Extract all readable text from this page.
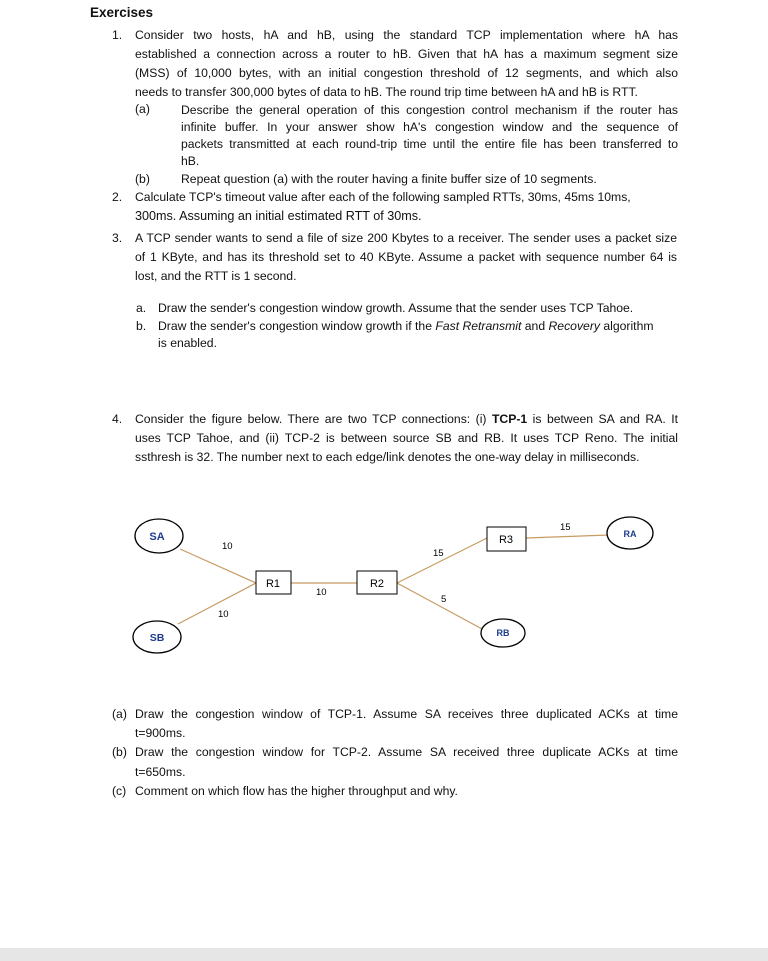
Exercises
1. Consider two hosts, hA and hB, using the standard TCP implementation where hA has
established a connection across a router to hB. Given that hA has a maximum segment size
(MSS) of 10,000 bytes, with an initial congestion threshold of 12 segments, and which also
needs to transfer 300,000 bytes of data to hB. The round trip time between hA and hB is RTT.
(a)	Describe the general operation of this congestion control mechanism if the router has
infinite buffer. In your answer show hA's congestion window and the sequence of
packets transmitted at each round-trip time until the entire file has been transferred to
hB.
(b)	Repeat question (a) with the router having a finite buffer size of 10 segments.
2. Calculate TCP's timeout value after each of the following sampled RTTs, 30ms, 45ms 10ms,
300ms. Assuming an initial estimated RTT of 30ms.
3. A TCP sender wants to send a file of size 200 Kbytes to a receiver. The sender uses a packet size
of 1 KByte, and has its threshold set to 40 KByte. Assume a packet with sequence number 64 is
lost, and the RTT is 1 second.
a. Draw the sender's congestion window growth. Assume that the sender uses TCP Tahoe.
b. Draw the sender's congestion window growth if the Fast Retransmit and Recovery algorithm
is enabled.
4. Consider the figure below. There are two TCP connections: (i) TCP-1 is between SA and RA. It
uses TCP Tahoe, and (ii) TCP-2 is between source SB and RB. It uses TCP Reno. The initial
ssthresh is 32. The number next to each edge/link denotes the one-way delay in milliseconds.
SA
SB
RA
RB
R1	R2
R3
10
10
10
15
15
5
(a) Draw the congestion window of TCP-1. Assume SA receives three duplicated ACKs at time
t=900ms.
(b) Draw the congestion window for TCP-2. Assume SA received three duplicate ACKs at time
t=650ms.
(c) Comment on which flow has the higher throughput and why.
